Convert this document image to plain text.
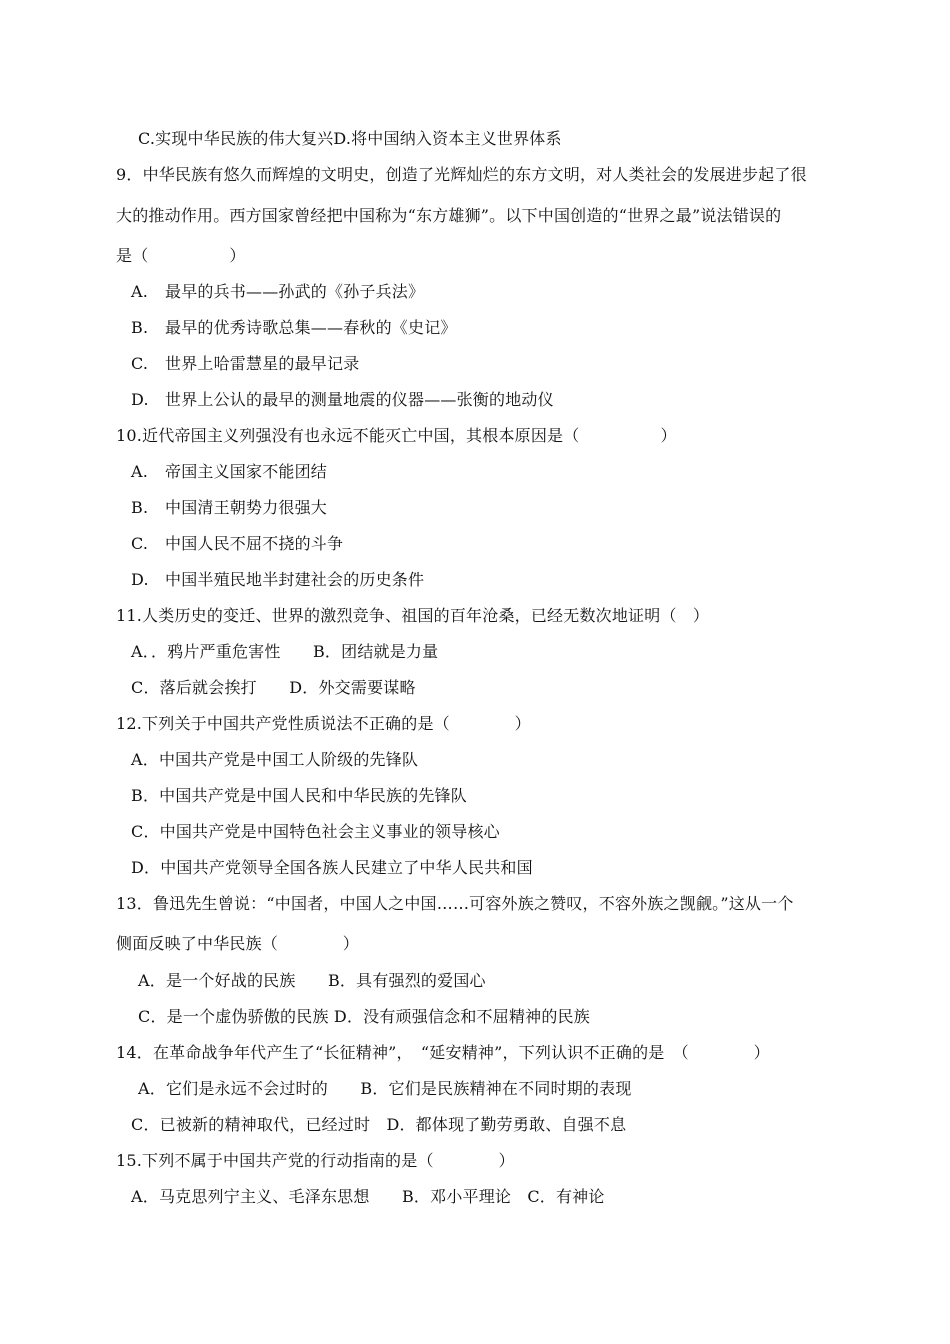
C.实现中华民族的伟大复兴D.将中国纳入资本主义世界体系
9．中华民族有悠久而辉煌的文明史，创造了光辉灿烂的东方文明，对人类社会的发展进步起了很
大的推动作用。西方国家曾经把中国称为“东方雄狮”。以下中国创造的“世界之最”说法错误的
是（　　　　　）
A. 最早的兵书——孙武的《孙子兵法》
B. 最早的优秀诗歌总集——春秋的《史记》
C. 世界上哈雷慧星的最早记录
D. 世界上公认的最早的测量地震的仪器——张衡的地动仪
10.近代帝国主义列强没有也永远不能灭亡中国，其根本原因是（　　　　　）
A. 帝国主义国家不能团结
B. 中国清王朝势力很强大
C. 中国人民不屈不挠的斗争
D. 中国半殖民地半封建社会的历史条件
11.人类历史的变迁、世界的激烈竞争、祖国的百年沧桑，已经无数次地证明（　）
A．．鸦片严重危害性　　B．团结就是力量
C．落后就会挨打　　D．外交需要谋略
12.下列关于中国共产党性质说法不正确的是（　　　　）
A．中国共产党是中国工人阶级的先锋队
B．中国共产党是中国人民和中华民族的先锋队
C．中国共产党是中国特色社会主义事业的领导核心
D．中国共产党领导全国各族人民建立了中华人民共和国
13．鲁迅先生曾说：“中国者，中国人之中国……可容外族之赞叹，不容外族之觊觎。”这从一个
侧面反映了中华民族（　　　　）
A．是一个好战的民族　　B．具有强烈的爱国心
C．是一个虚伪骄傲的民族 D．没有顽强信念和不屈精神的民族
14．在革命战争年代产生了“长征精神”，　“延安精神”，下列认识不正确的是　（　　　　）
A．它们是永远不会过时的　　B．它们是民族精神在不同时期的表现
C．已被新的精神取代，已经过时　D．都体现了勤劳勇敢、自强不息
15.下列不属于中国共产党的行动指南的是（　　　　）
A．马克思列宁主义、毛泽东思想　　B．邓小平理论　C．有神论
